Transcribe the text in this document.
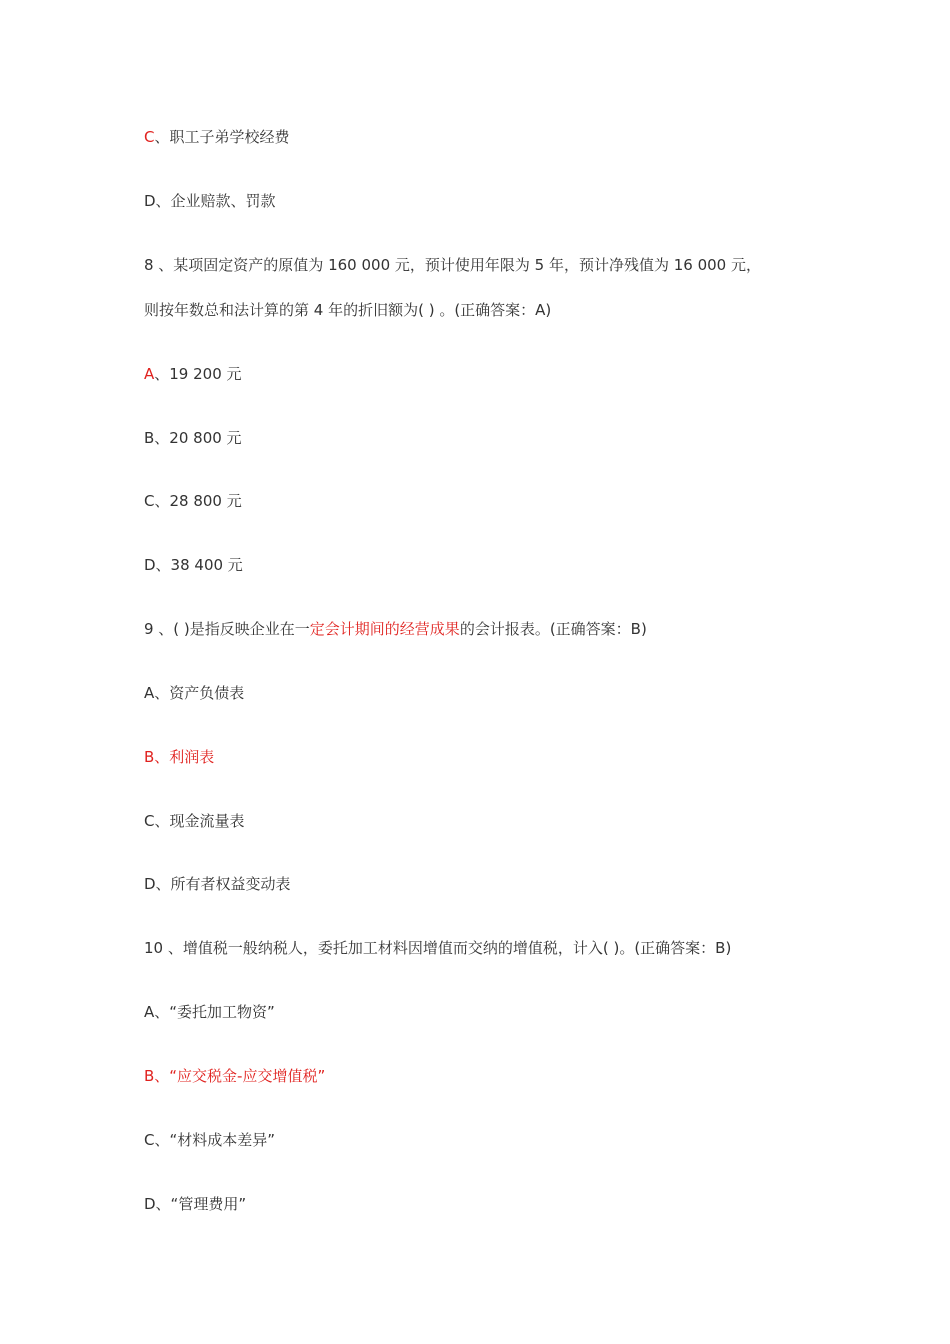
C、职工子弟学校经费
D、企业赔款、罚款
8 、某项固定资产的原值为 160 000 元，预计使用年限为 5 年，预计净残值为 16 000 元，
则按年数总和法计算的第 4 年的折旧额为( ) 。(正确答案：A)
A、19 200 元
B、20 800 元
C、28 800 元
D、38 400 元
9 、( )是指反映企业在一定会计期间的经营成果的会计报表。(正确答案：B)
A、资产负债表
B、利润表
C、现金流量表
D、所有者权益变动表
10 、增值税一般纳税人，委托加工材料因增值而交纳的增值税，计入( )。(正确答案：B)
A、“委托加工物资”
B、“应交税金-应交增值税”
C、“材料成本差异”
D、“管理费用”
